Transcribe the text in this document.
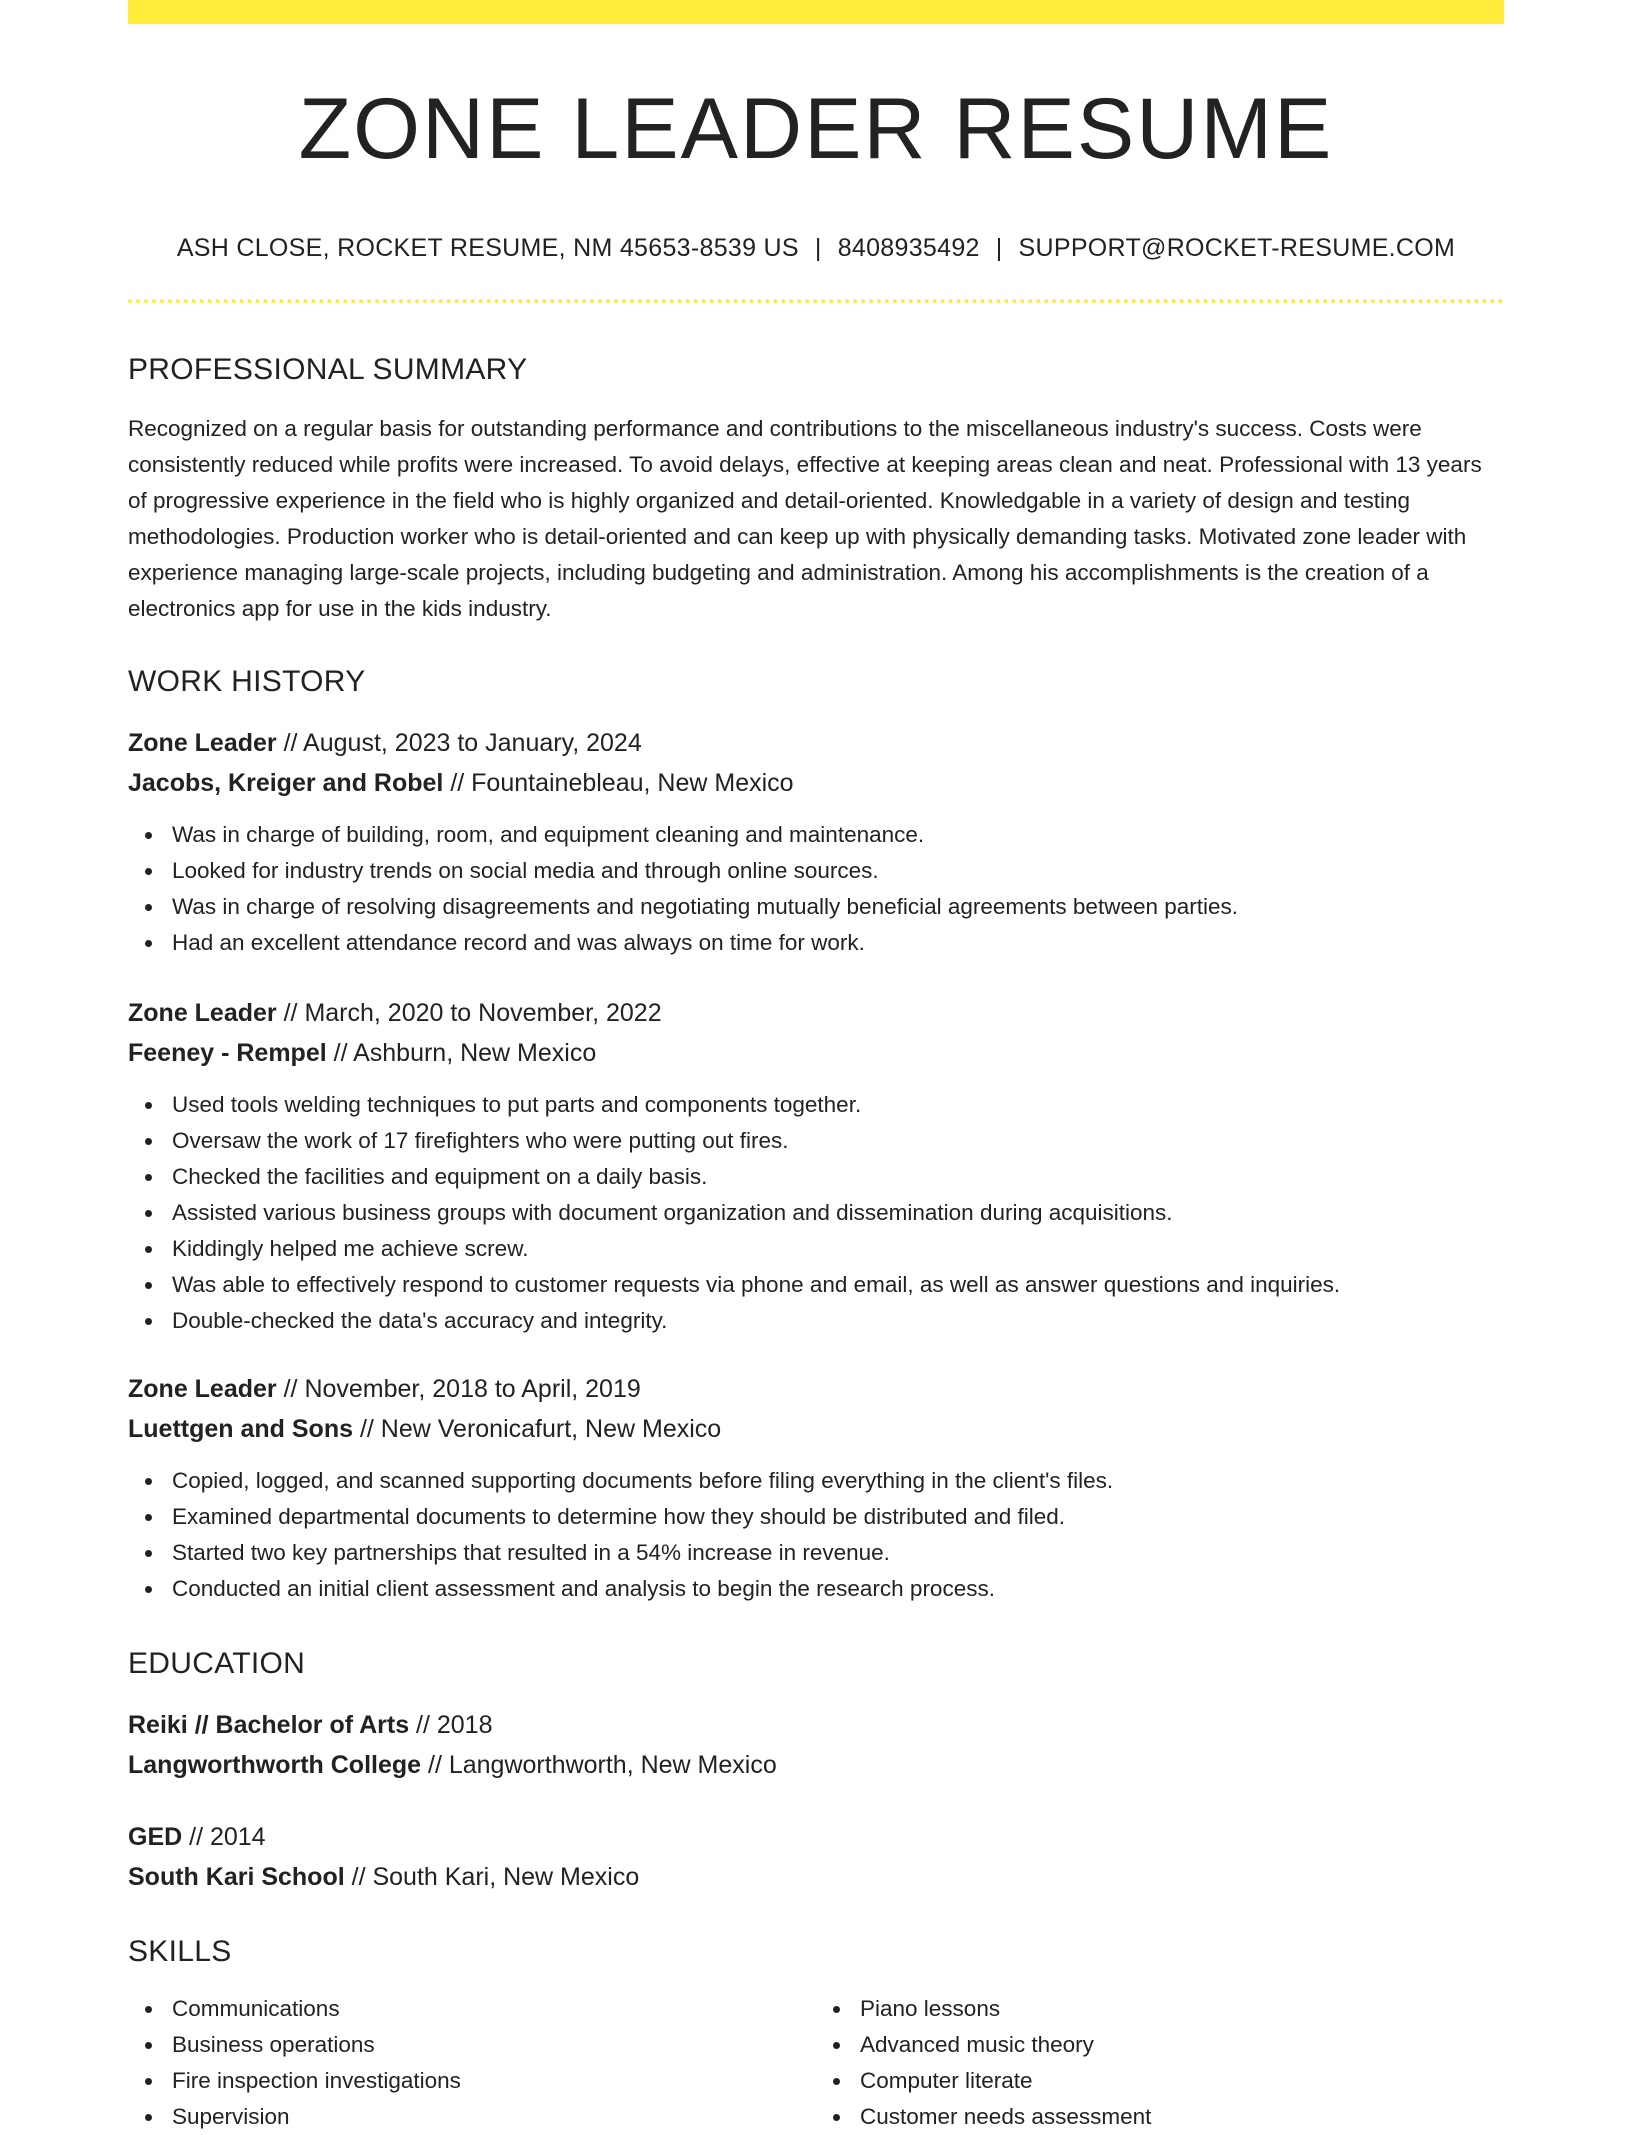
ZONE LEADER RESUME
ASH CLOSE, ROCKET RESUME, NM 45653-8539 US | 8408935492 | SUPPORT@ROCKET-RESUME.COM
PROFESSIONAL SUMMARY

Recognized on a regular basis for outstanding performance and contributions to the miscellaneous industry's success. Costs were consistently reduced while profits were increased. To avoid delays, effective at keeping areas clean and neat. Professional with 13 years of progressive experience in the field who is highly organized and detail-oriented. Knowledgable in a variety of design and testing methodologies. Production worker who is detail-oriented and can keep up with physically demanding tasks. Motivated zone leader with experience managing large-scale projects, including budgeting and administration. Among his accomplishments is the creation of a electronics app for use in the kids industry.

WORK HISTORY
Zone Leader // August, 2023 to January, 2024
Jacobs, Kreiger and Robel // Fountainebleau, New Mexico
Was in charge of building, room, and equipment cleaning and maintenance.
Looked for industry trends on social media and through online sources.
Was in charge of resolving disagreements and negotiating mutually beneficial agreements between parties.
Had an excellent attendance record and was always on time for work.
Zone Leader // March, 2020 to November, 2022
Feeney - Rempel // Ashburn, New Mexico
Used tools welding techniques to put parts and components together.
Oversaw the work of 17 firefighters who were putting out fires.
Checked the facilities and equipment on a daily basis.
Assisted various business groups with document organization and dissemination during acquisitions.
Kiddingly helped me achieve screw.
Was able to effectively respond to customer requests via phone and email, as well as answer questions and inquiries.
Double-checked the data's accuracy and integrity.
Zone Leader // November, 2018 to April, 2019
Luettgen and Sons // New Veronicafurt, New Mexico
Copied, logged, and scanned supporting documents before filing everything in the client's files.
Examined departmental documents to determine how they should be distributed and filed.
Started two key partnerships that resulted in a 54% increase in revenue.
Conducted an initial client assessment and analysis to begin the research process.
EDUCATION
Reiki // Bachelor of Arts // 2018
Langworthworth College // Langworthworth, New Mexico
GED // 2014
South Kari School // South Kari, New Mexico
SKILLS
Communications
Business operations
Fire inspection investigations
Supervision
Piano lessons
Advanced music theory
Computer literate
Customer needs assessment
